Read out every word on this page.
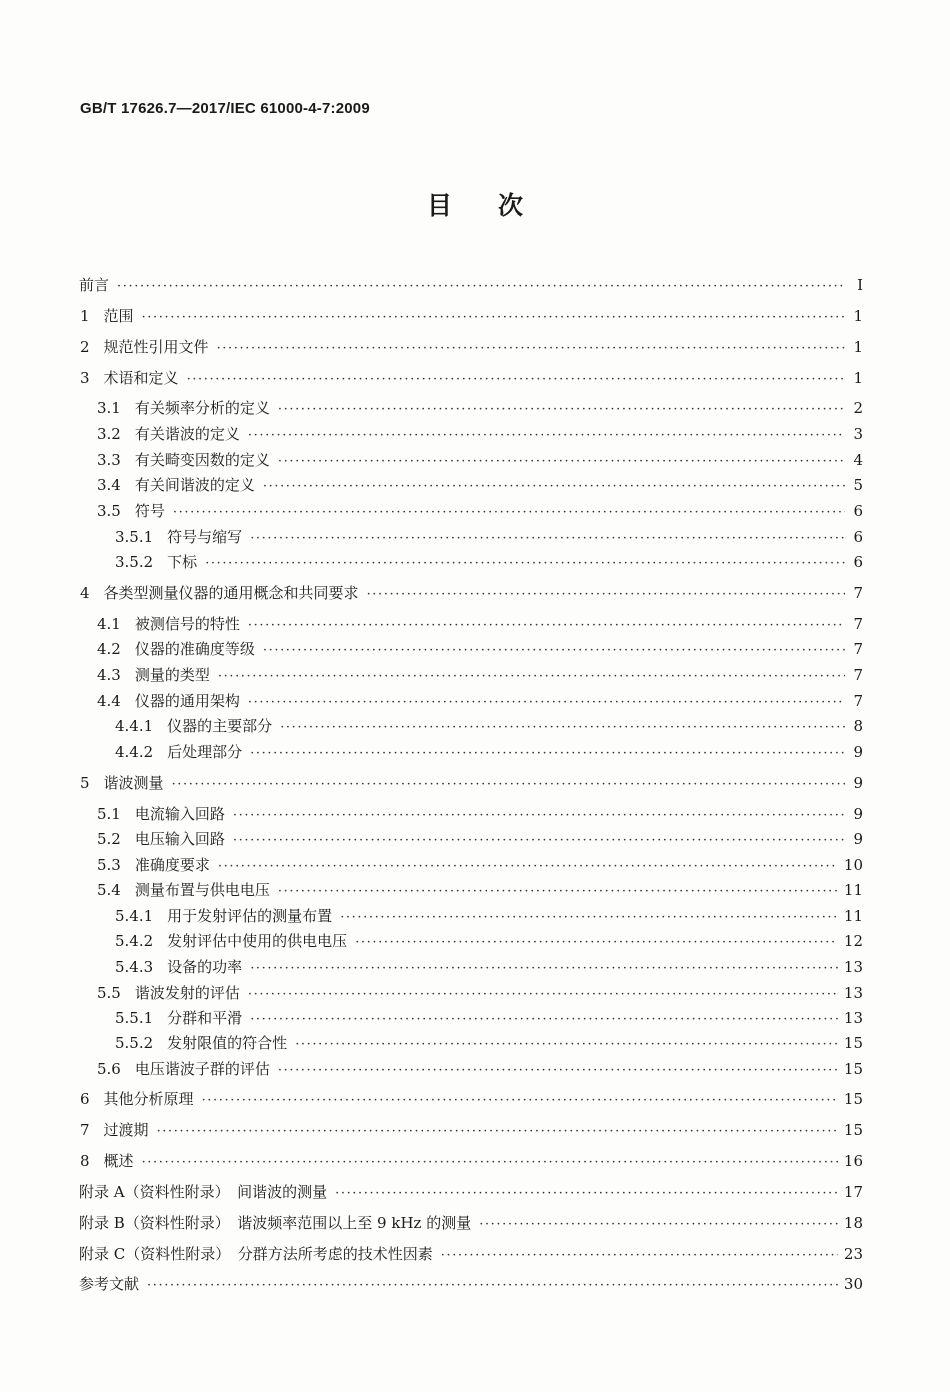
GB/T 17626.7—2017/IEC 61000-4-7:2009
目 次
前言 ·····	Ⅰ
1 范围 ·····	1
2 规范性引用文件 ·····	1
3 术语和定义 ·····	1
3.1 有关频率分析的定义 ·····	2
3.2 有关谐波的定义 ·····	3
3.3 有关畸变因数的定义 ·····	4
3.4 有关间谐波的定义 ·····	5
3.5 符号 ·····	6
3.5.1 符号与缩写 ·····	6
3.5.2 下标 ·····	6
4 各类型测量仪器的通用概念和共同要求 ·····	7
4.1 被测信号的特性 ·····	7
4.2 仪器的准确度等级 ·····	7
4.3 测量的类型 ·····	7
4.4 仪器的通用架构 ·····	7
4.4.1 仪器的主要部分 ·····	8
4.4.2 后处理部分 ·····	9
5 谐波测量 ·····	9
5.1 电流输入回路 ·····	9
5.2 电压输入回路 ·····	9
5.3 准确度要求 ·····	10
5.4 测量布置与供电电压 ·····	11
5.4.1 用于发射评估的测量布置 ·····	11
5.4.2 发射评估中使用的供电电压 ·····	12
5.4.3 设备的功率 ·····	13
5.5 谐波发射的评估 ·····	13
5.5.1 分群和平滑 ·····	13
5.5.2 发射限值的符合性 ·····	15
5.6 电压谐波子群的评估 ·····	15
6 其他分析原理 ·····	15
7 过渡期 ·····	15
8 概述 ·····	16
附录 A（资料性附录）　间谐波的测量 ·····	17
附录 B（资料性附录）　谐波频率范围以上至 9 kHz 的测量 ·····	18
附录 C（资料性附录）　分群方法所考虑的技术性因素 ·····	23
参考文献 ·····	30
